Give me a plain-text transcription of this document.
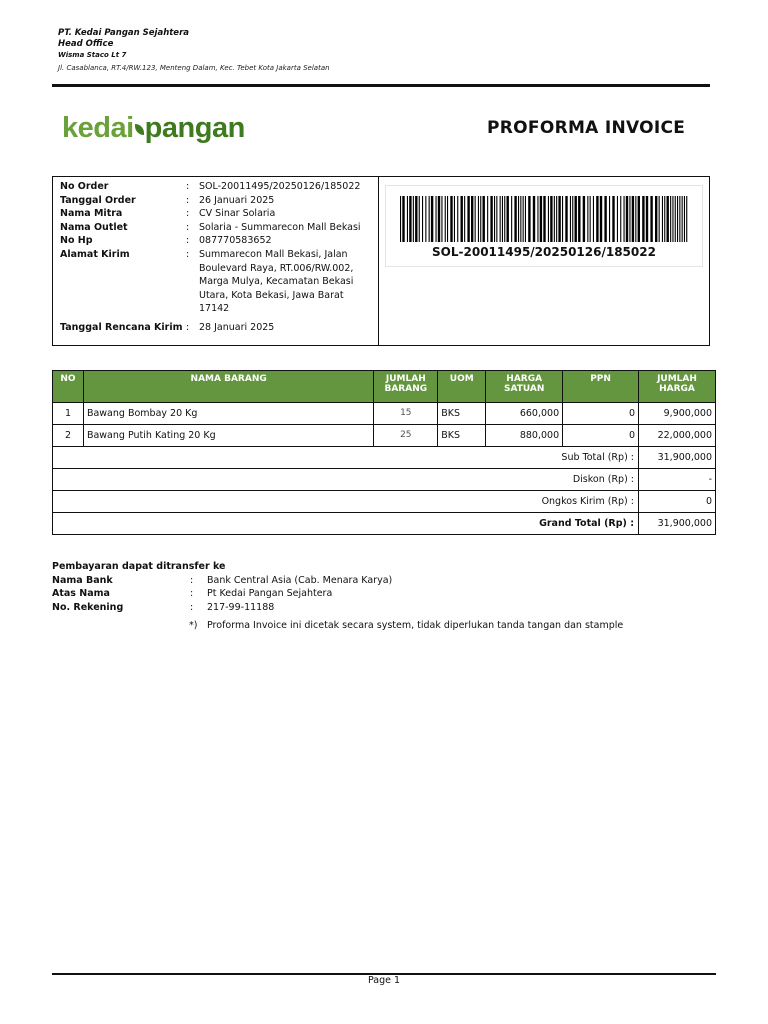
PT. Kedai Pangan Sejahtera
Head Office
Wisma Staco Lt 7
Jl. Casablanca, RT.4/RW.123, Menteng Dalam, Kec. Tebet Kota Jakarta Selatan
kedai pangan	PROFORMA INVOICE
No Order	:	SOL-20011495/20250126/185022
Tanggal Order	:	26 Januari 2025
Nama Mitra	:	CV Sinar Solaria
Nama Outlet	:	Solaria - Summarecon Mall Bekasi
No Hp	:	087770583652
Alamat Kirim	:	Summarecon Mall Bekasi, Jalan Boulevard Raya, RT.006/RW.002, Marga Mulya, Kecamatan Bekasi Utara, Kota Bekasi, Jawa Barat 17142
Tanggal Rencana Kirim :	28 Januari 2025
SOL-20011495/20250126/185022
NO	NAMA BARANG	JUMLAH BARANG	UOM	HARGA SATUAN	PPN	JUMLAH HARGA
1	Bawang Bombay 20 Kg	15	BKS	660,000	0	9,900,000
2	Bawang Putih Kating 20 Kg	25	BKS	880,000	0	22,000,000
Sub Total (Rp) :						31,900,000
Diskon (Rp) :						-
Ongkos Kirim (Rp) :						0
Grand Total (Rp) :						31,900,000
Pembayaran dapat ditransfer ke
Nama Bank	:	Bank Central Asia (Cab. Menara Karya)
Atas Nama	:	Pt Kedai Pangan Sejahtera
No. Rekening	:	217-99-11188
*)	Proforma Invoice ini dicetak secara system, tidak diperlukan tanda tangan dan stample
Page 1
